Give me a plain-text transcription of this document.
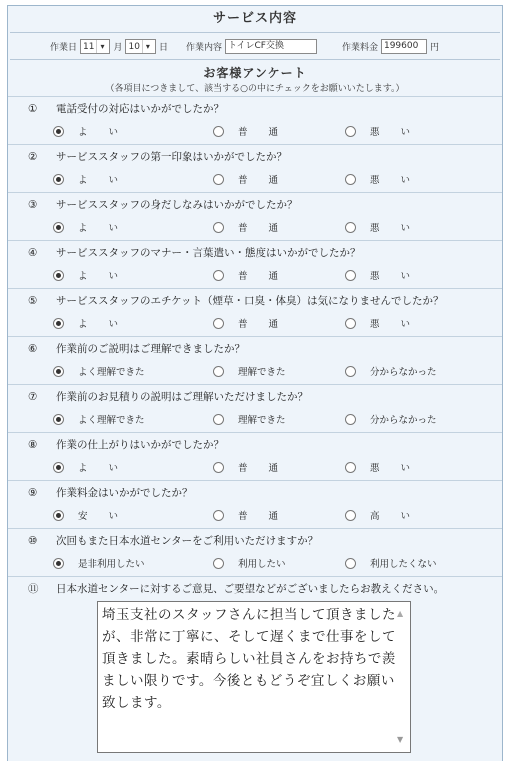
サービス内容
作業日 11 ▾	月 10 ▾	日 作業内容 トイレCF交換	作業料金 199600	円
お客様アンケート
（各項目につきまして、該当する○の中にチェックをお願いいたします。）
① 電話受付の対応はいかがでしたか？
よ い	普 通	悪 い
② サービススタッフの第一印象はいかがでしたか？
よ い	普 通	悪 い
③ サービススタッフの身だしなみはいかがでしたか？
よ い	普 通	悪 い
④ サービススタッフのマナー・言葉遣い・態度はいかがでしたか？
よ い	普 通	悪 い
⑤ サービススタッフのエチケット（煙草・口臭・体臭）は気になりませんでしたか？
よ い	普 通	悪 い
⑥ 作業前のご説明はご理解できましたか？
よく理解できた	理解できた	分からなかった
⑦ 作業前のお見積りの説明はご理解いただけましたか？
よく理解できた	理解できた	分からなかった
⑧ 作業の仕上がりはいかがでしたか？
よ い	普 通	悪 い
⑨ 作業料金はいかがでしたか？
安 い	普 通	高 い
⑩ 次回もまた日本水道センターをご利用いただけますか？
是非利用したい	利用したい	利用したくない
⑪ 日本水道センターに対するご意見、ご要望などがございましたらお教えください。
埼玉支社のスタッフさんに担当して頂きましたが、非常に丁寧に、そして遅くまで仕事をして頂きました。素晴らしい社員さんをお持ちで羨ましい限りです。今後ともどうぞ宜しくお願い致します。
▲
▼
